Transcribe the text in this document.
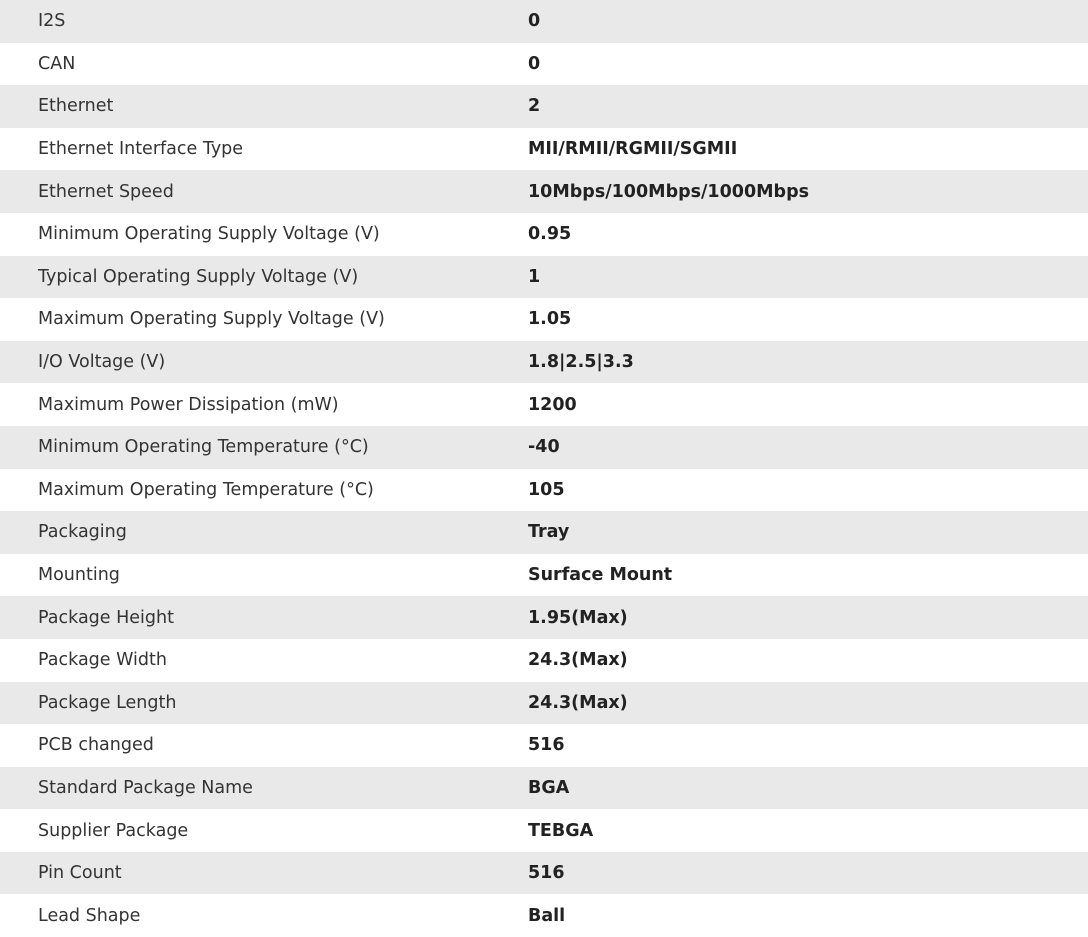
I2S	0
CAN	0
Ethernet	2
Ethernet Interface Type	MII/RMII/RGMII/SGMII
Ethernet Speed	10Mbps/100Mbps/1000Mbps
Minimum Operating Supply Voltage (V)	0.95
Typical Operating Supply Voltage (V)	1
Maximum Operating Supply Voltage (V)	1.05
I/O Voltage (V)	1.8|2.5|3.3
Maximum Power Dissipation (mW)	1200
Minimum Operating Temperature (°C)	-40
Maximum Operating Temperature (°C)	105
Packaging	Tray
Mounting	Surface Mount
Package Height	1.95(Max)
Package Width	24.3(Max)
Package Length	24.3(Max)
PCB changed	516
Standard Package Name	BGA
Supplier Package	TEBGA
Pin Count	516
Lead Shape	Ball
